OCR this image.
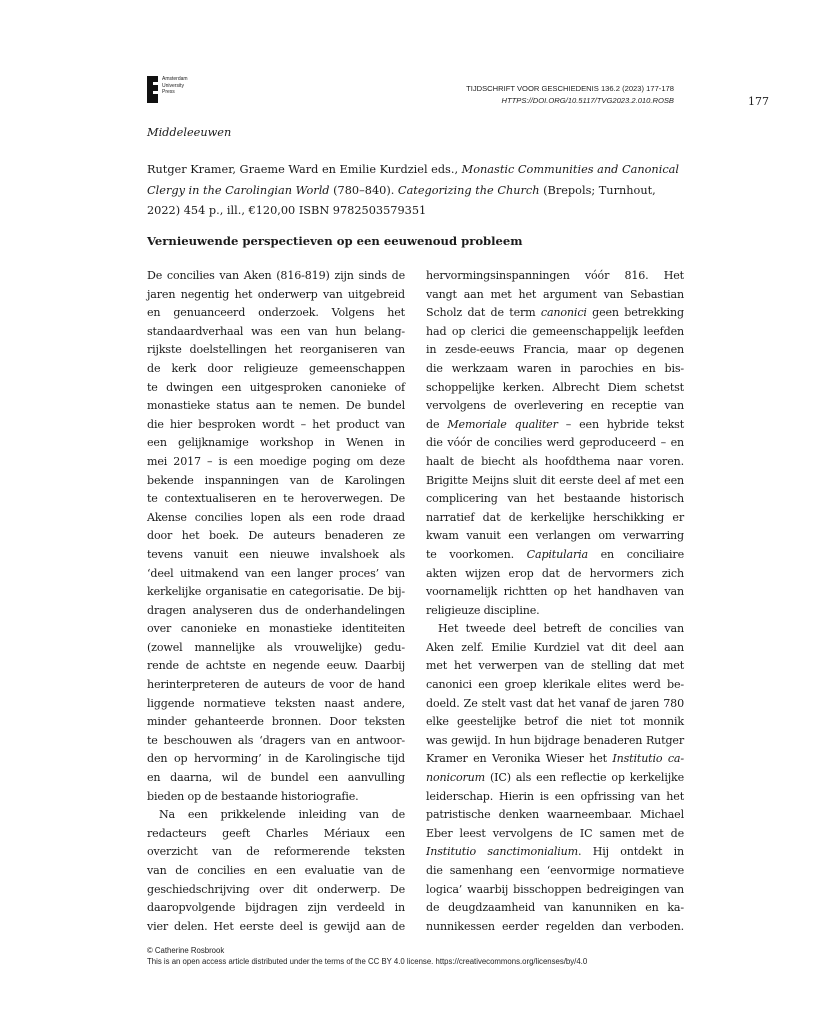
Amsterdam
University
Press	TIJDSCHRIFT VOOR GESCHIEDENIS 136.2 (2023) 177-178
HTTPS://DOI.ORG/10.5117/TVG2023.2.010.ROSB	177
Middeleeuwen
Rutger Kramer, Graeme Ward en Emilie Kurdziel eds., Monastic Communities and Canonical Clergy in the Carolingian World (780–840). Categorizing the Church (Brepols; Turnhout, 2022) 454 p., ill., €120,00 ISBN 9782503579351
Vernieuwende perspectieven op een eeuwenoud probleem

De concilies van Aken (816-819) zijn sinds de
jaren negentig het onderwerp van uitgebreid
en genuanceerd onderzoek. Volgens het
standaardverhaal was een van hun belang-
rijkste doelstellingen het reorganiseren van
de kerk door religieuze gemeenschappen
te dwingen een uitgesproken canonieke of
monastieke status aan te nemen. De bundel
die hier besproken wordt – het product van
een gelijknamige workshop in Wenen in
mei 2017 – is een moedige poging om deze
bekende inspanningen van de Karolingen
te contextualiseren en te heroverwegen. De
Akense concilies lopen als een rode draad
door het boek. De auteurs benaderen ze
tevens vanuit een nieuwe invalshoek als
‘deel uitmakend van een langer proces’ van
kerkelijke organisatie en categorisatie. De bij-
dragen analyseren dus de onderhandelingen
over canonieke en monastieke identiteiten
(zowel mannelijke als vrouwelijke) gedu-
rende de achtste en negende eeuw. Daarbij
herinterpreteren de auteurs de voor de hand
liggende normatieve teksten naast andere,
minder gehanteerde bronnen. Door teksten
te beschouwen als ‘dragers van en antwoor-
den op hervorming’ in de Karolingische tijd
en daarna, wil de bundel een aanvulling
bieden op de bestaande historiografie.

Na een prikkelende inleiding van de
redacteurs geeft Charles Mériaux een
overzicht van de reformerende teksten
van de concilies en een evaluatie van de
geschiedschrijving over dit onderwerp. De
daaropvolgende bijdragen zijn verdeeld in
vier delen. Het eerste deel is gewijd aan de

hervormingsinspanningen vóór 816. Het
vangt aan met het argument van Sebastian
Scholz dat de term canonici geen betrekking
had op clerici die gemeenschappelijk leefden
in zesde-eeuws Francia, maar op degenen
die werkzaam waren in parochies en bis-
schoppelijke kerken. Albrecht Diem schetst
vervolgens de overlevering en receptie van
de Memoriale qualiter – een hybride tekst
die vóór de concilies werd geproduceerd – en
haalt de biecht als hoofdthema naar voren.
Brigitte Meijns sluit dit eerste deel af met een
complicering van het bestaande historisch
narratief dat de kerkelijke herschikking er
kwam vanuit een verlangen om verwarring
te voorkomen. Capitularia en conciliaire
akten wijzen erop dat de hervormers zich
voornamelijk richtten op het handhaven van
religieuze discipline.

Het tweede deel betreft de concilies van
Aken zelf. Emilie Kurdziel vat dit deel aan
met het verwerpen van de stelling dat met
canonici een groep klerikale elites werd be-
doeld. Ze stelt vast dat het vanaf de jaren 780
elke geestelijke betrof die niet tot monnik
was gewijd. In hun bijdrage benaderen Rutger
Kramer en Veronika Wieser het Institutio ca-
nonicorum (IC) als een reflectie op kerkelijke
leiderschap. Hierin is een opfrissing van het
patristische denken waarneembaar. Michael
Eber leest vervolgens de IC samen met de
Institutio sanctimonialium. Hij ontdekt in
die samenhang een ‘eenvormige normatieve
logica’ waarbij bisschoppen bedreigingen van
de deugdzaamheid van kanunniken en ka-
nunnikessen eerder regelden dan verboden.

© Catherine Rosbrook
This is an open access article distributed under the terms of the CC BY 4.0 license. https://creativecommons.org/licenses/by/4.0
